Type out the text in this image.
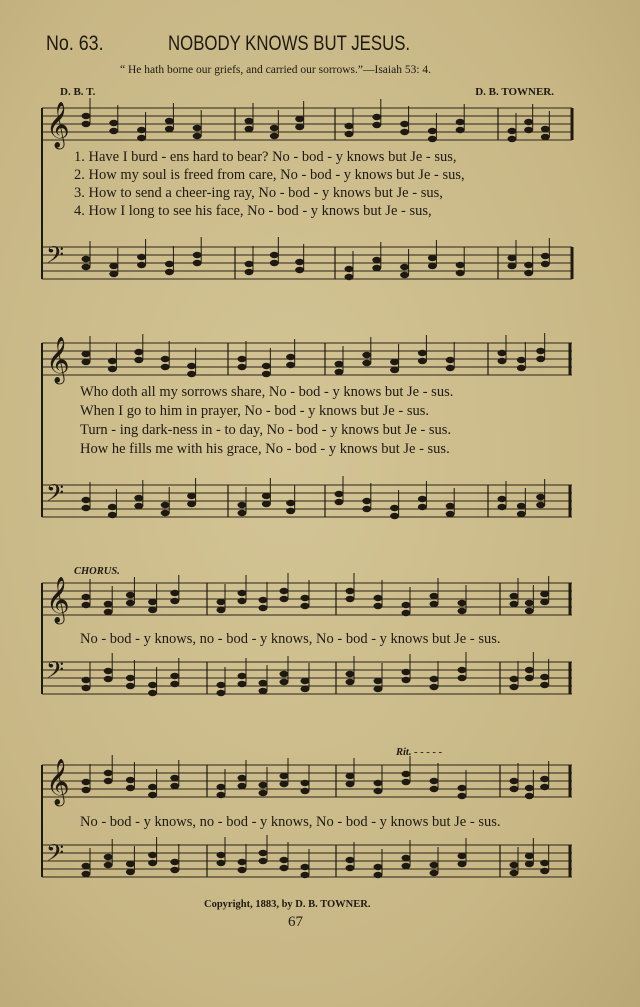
𝄞
𝄢
𝄞
𝄢
𝄞
𝄢
𝄞
𝄢
No. 63.	NOBODY KNOWS BUT JESUS.
“ He hath borne our griefs, and carried our sorrows.”—Isaiah 53: 4.
D. B. T.	D. B. TOWNER.
1. Have I burd - ens hard to bear? No - bod - y knows but Je - sus,
2. How my soul is freed from care, No - bod - y knows but Je - sus,
3. How to send a cheer-ing ray, No - bod - y knows but Je - sus,
4. How I long to see his face, No - bod - y knows but Je - sus,
Who doth all my sorrows share, No - bod - y knows but Je - sus.
When I go to him in prayer, No - bod - y knows but Je - sus.
Turn - ing dark-ness in - to day, No - bod - y knows but Je - sus.
How he fills me with his grace, No - bod - y knows but Je - sus.
CHORUS.
No - bod - y knows, no - bod - y knows, No - bod - y knows but Je - sus.
Rit. - - - - -
No - bod - y knows, no - bod - y knows, No - bod - y knows but Je - sus.
Copyright, 1883, by D. B. TOWNER.
67
